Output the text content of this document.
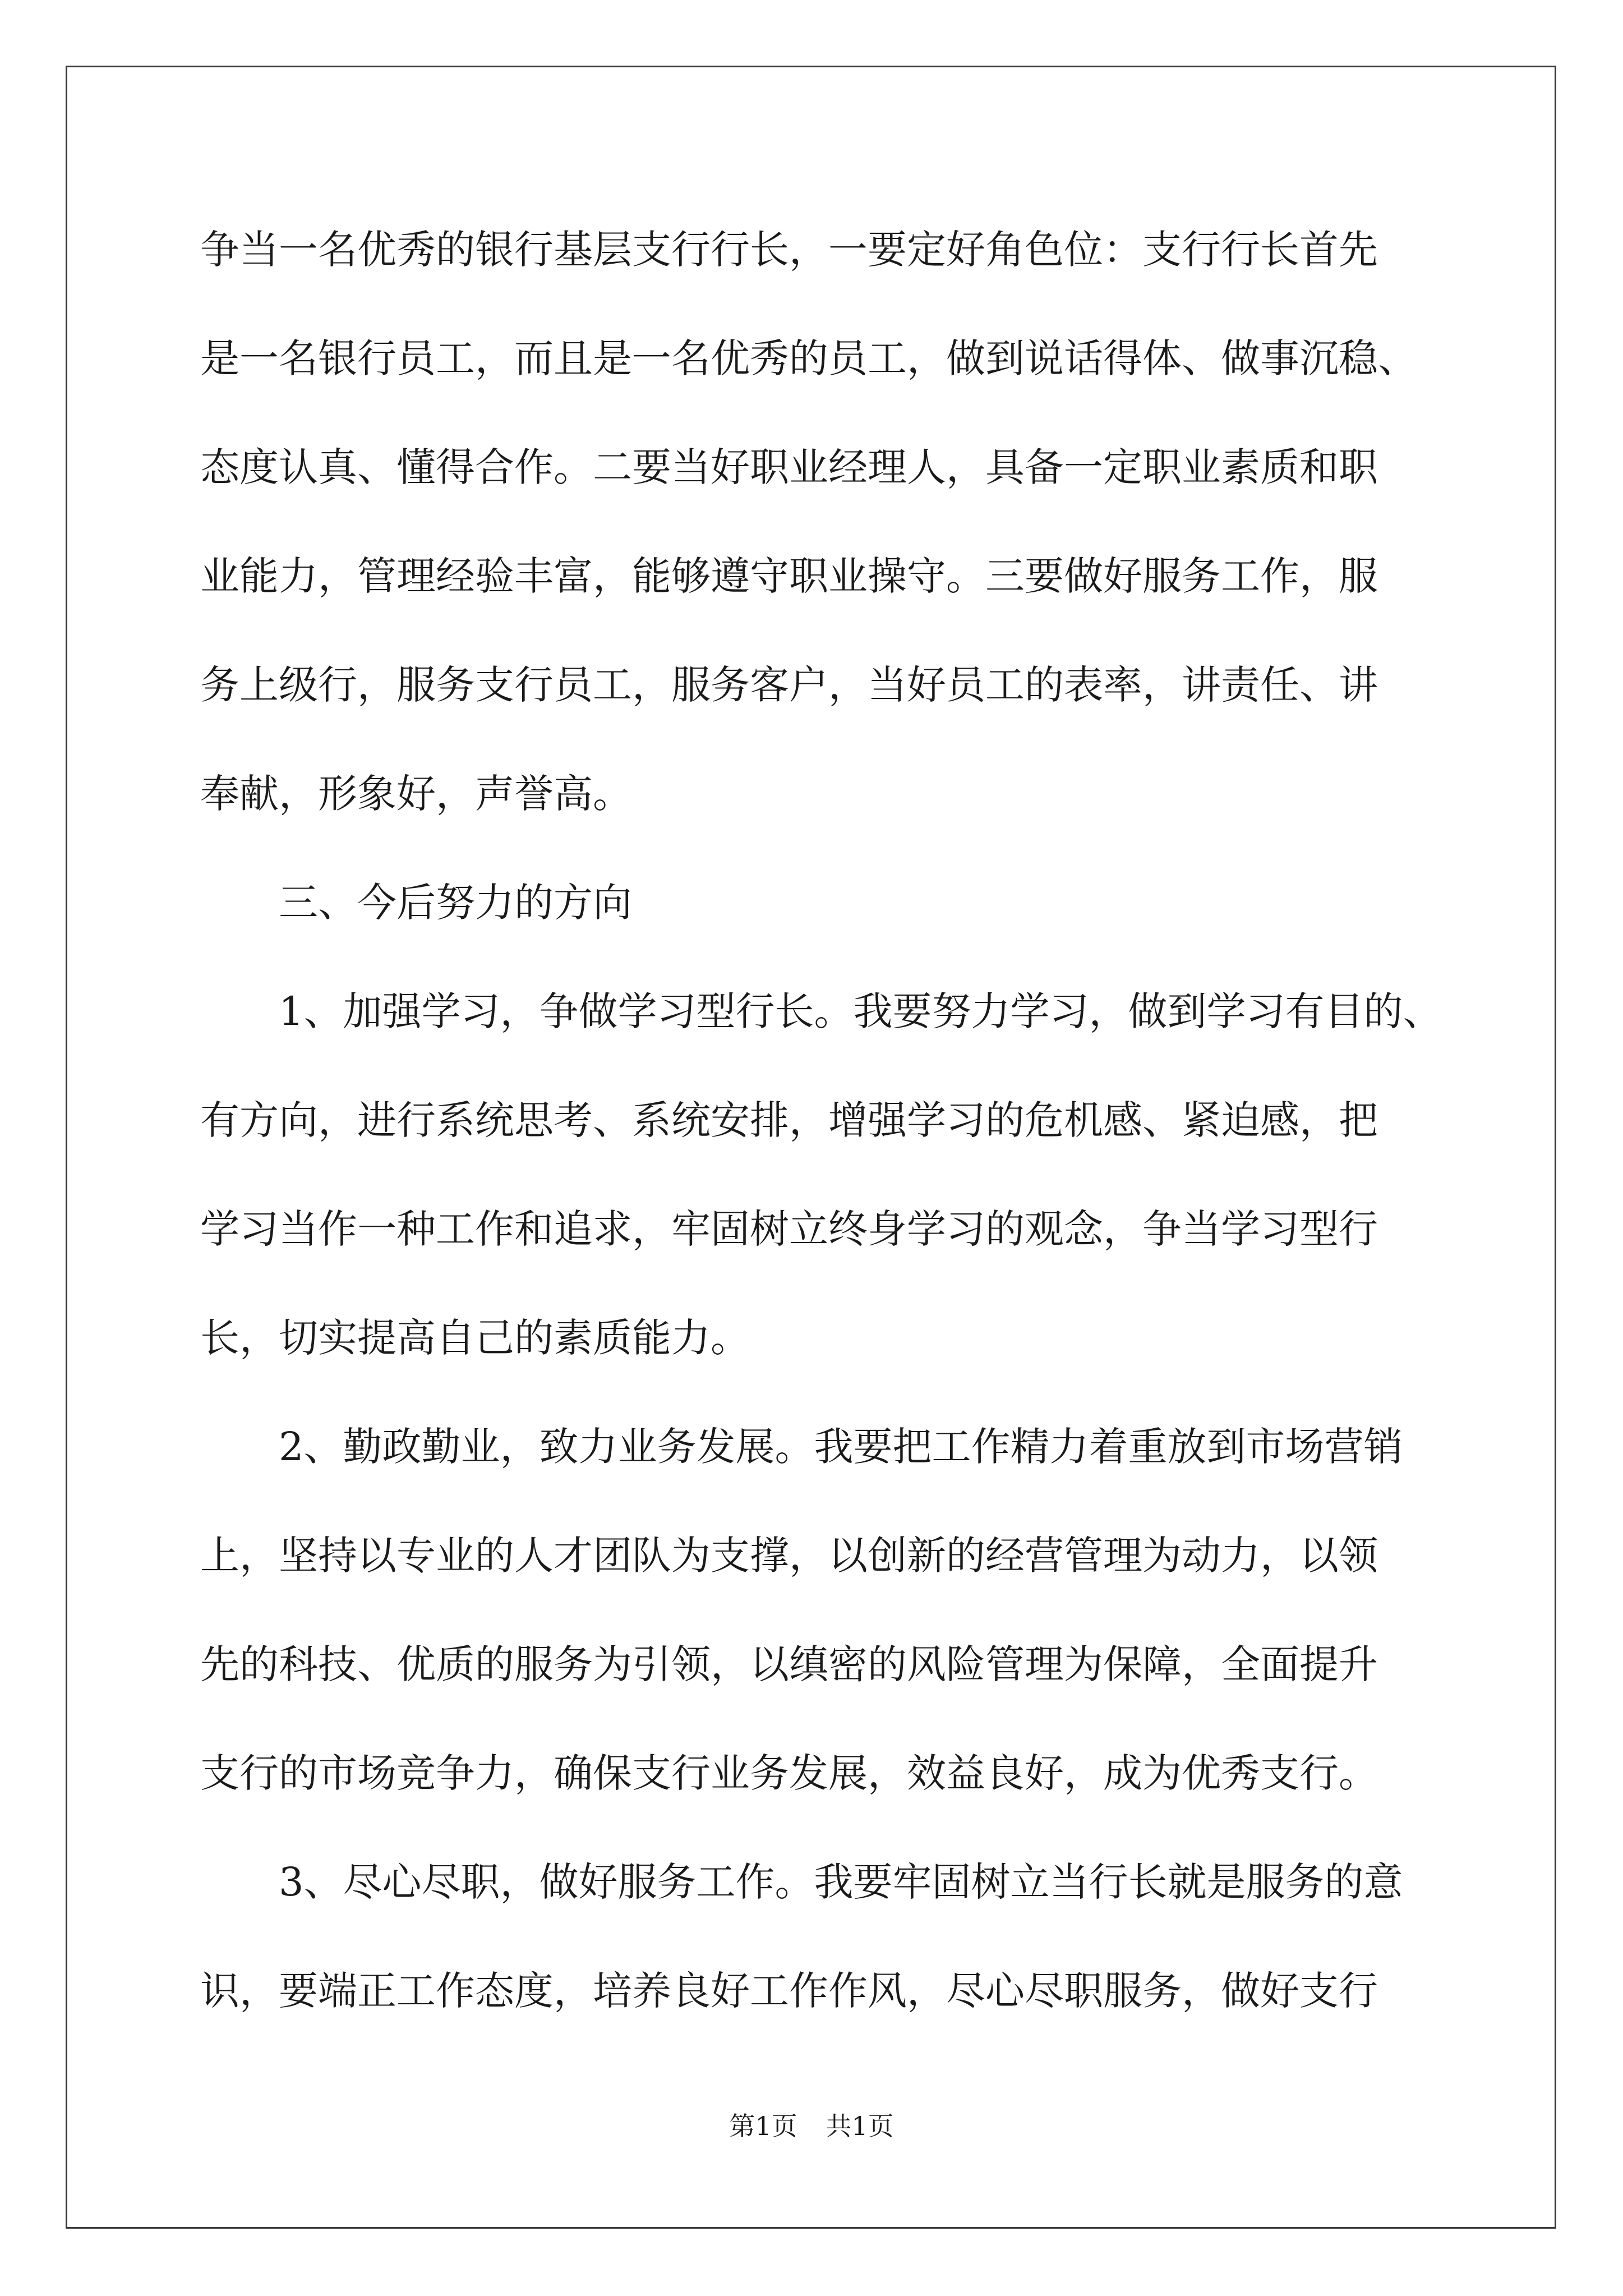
争当一名优秀的银行基层支行行长，一要定好角色位：支行行长首先
是一名银行员工，而且是一名优秀的员工，做到说话得体、做事沉稳、
态度认真、懂得合作。二要当好职业经理人，具备一定职业素质和职
业能力，管理经验丰富，能够遵守职业操守。三要做好服务工作，服
务上级行，服务支行员工，服务客户，当好员工的表率，讲责任、讲
奉献，形象好，声誉高。
三、今后努力的方向
1、加强学习，争做学习型行长。我要努力学习，做到学习有目的、
有方向，进行系统思考、系统安排，增强学习的危机感、紧迫感，把
学习当作一种工作和追求，牢固树立终身学习的观念，争当学习型行
长，切实提高自己的素质能力。
2、勤政勤业，致力业务发展。我要把工作精力着重放到市场营销
上，坚持以专业的人才团队为支撑，以创新的经营管理为动力，以领
先的科技、优质的服务为引领，以缜密的风险管理为保障，全面提升
支行的市场竞争力，确保支行业务发展，效益良好，成为优秀支行。
3、尽心尽职，做好服务工作。我要牢固树立当行长就是服务的意
识，要端正工作态度，培养良好工作作风，尽心尽职服务，做好支行
第1页 共1页
